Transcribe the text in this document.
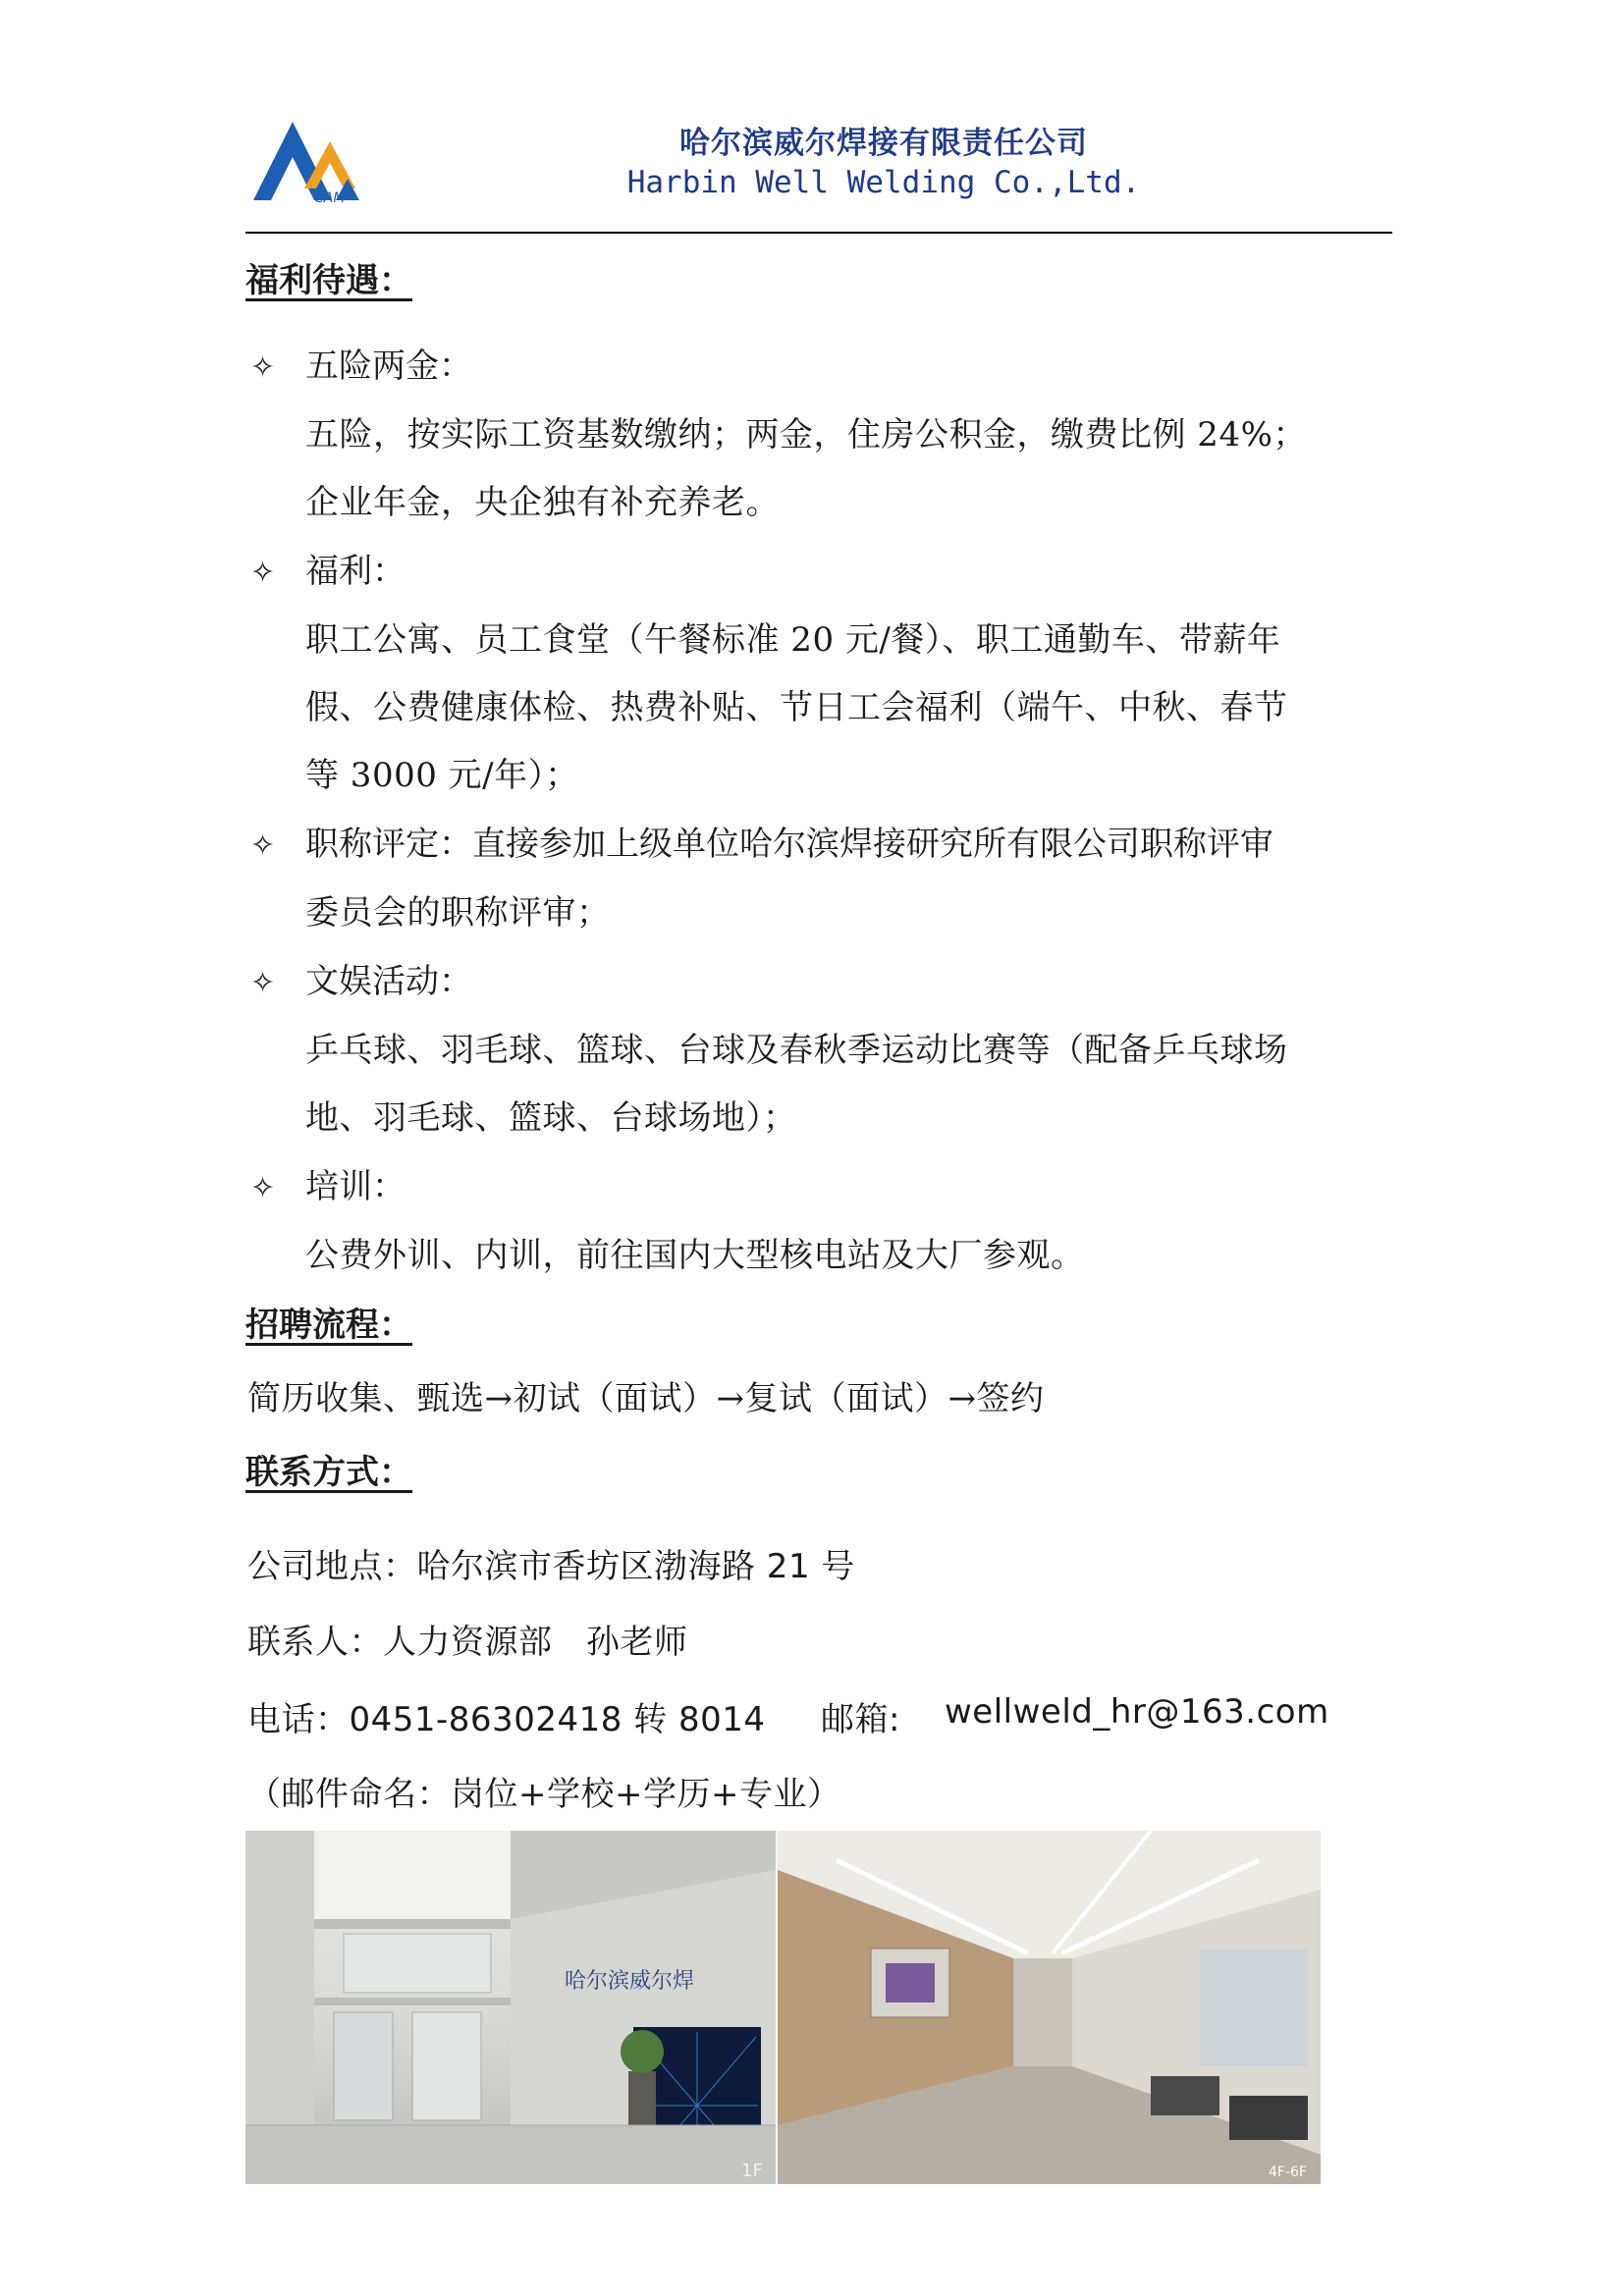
CAM
哈尔滨威尔焊接有限责任公司
Harbin Well Welding Co.,Ltd.
福利待遇：
✧ 五险两金：
五险，按实际工资基数缴纳；两金，住房公积金，缴费比例 24%；
企业年金，央企独有补充养老。
✧ 福利：
职工公寓、员工食堂（午餐标准 20 元/餐）、职工通勤车、带薪年
假、公费健康体检、热费补贴、节日工会福利（端午、中秋、春节
等 3000 元/年）；
✧ 职称评定：直接参加上级单位哈尔滨焊接研究所有限公司职称评审
委员会的职称评审；
✧ 文娱活动：
乒乓球、羽毛球、篮球、台球及春秋季运动比赛等（配备乒乓球场
地、羽毛球、篮球、台球场地）；
✧ 培训：
公费外训、内训，前往国内大型核电站及大厂参观。
招聘流程：
简历收集、甄选→初试（面试）→复试（面试）→签约
联系方式：
公司地点：哈尔滨市香坊区渤海路 21 号
联系人：人力资源部　孙老师
电话：0451-86302418 转 8014 邮箱: wellweld_hr@163.com
（邮件命名：岗位+学校+学历+专业）
哈尔滨威尔焊
1F	4F-6F
